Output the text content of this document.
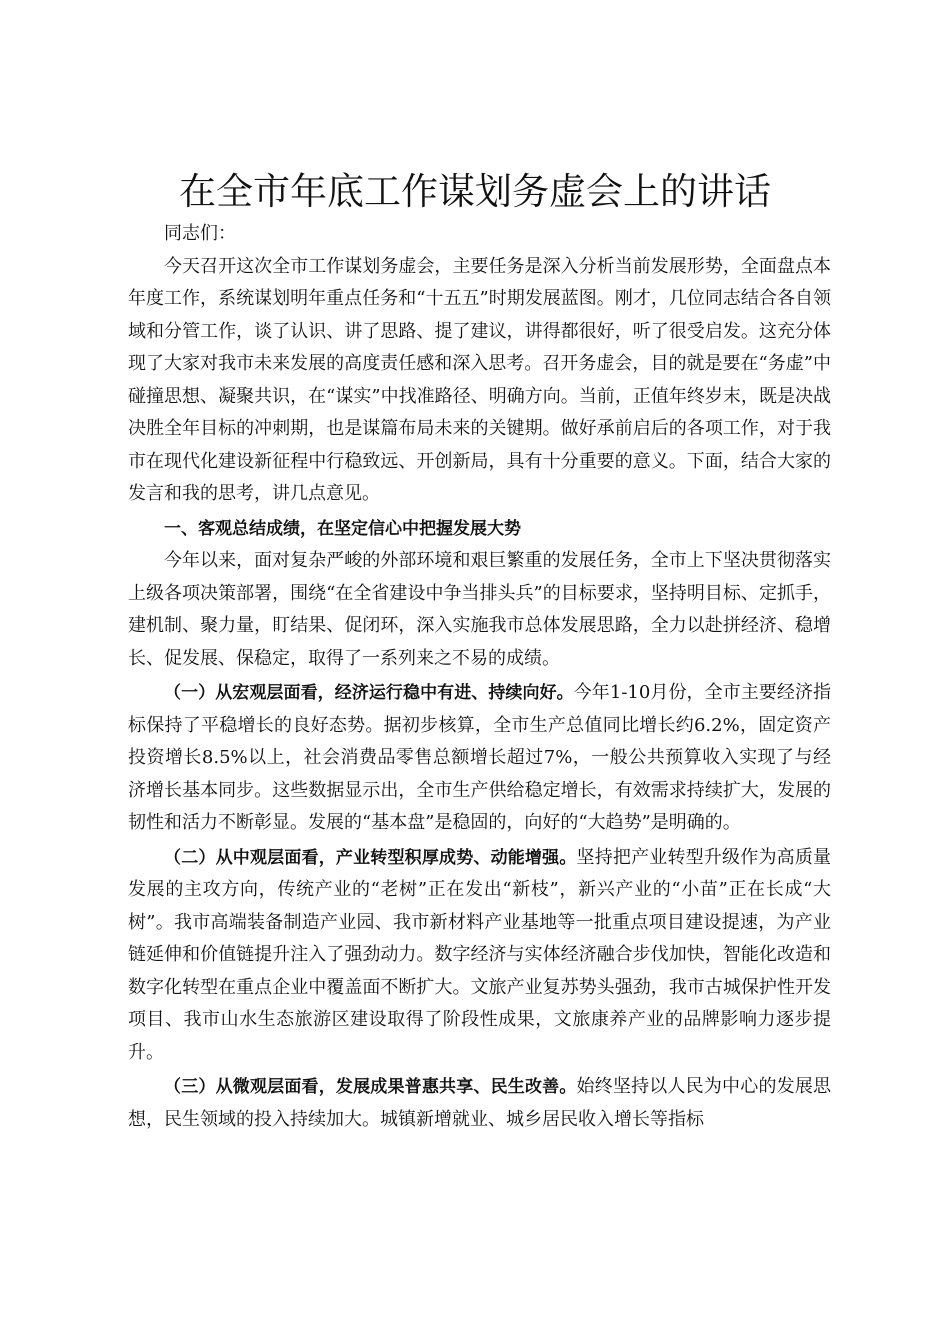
在全市年底工作谋划务虚会上的讲话

同志们：

今天召开这次全市工作谋划务虚会，主要任务是深入分析当前发展形势，全面盘点本年度工作，系统谋划明年重点任务和“十五五”时期发展蓝图。刚才，几位同志结合各自领域和分管工作，谈了认识、讲了思路、提了建议，讲得都很好，听了很受启发。这充分体现了大家对我市未来发展的高度责任感和深入思考。召开务虚会，目的就是要在“务虚”中碰撞思想、凝聚共识，在“谋实”中找准路径、明确方向。当前，正值年终岁末，既是决战决胜全年目标的冲刺期，也是谋篇布局未来的关键期。做好承前启后的各项工作，对于我市在现代化建设新征程中行稳致远、开创新局，具有十分重要的意义。下面，结合大家的发言和我的思考，讲几点意见。

一、客观总结成绩，在坚定信心中把握发展大势

今年以来，面对复杂严峻的外部环境和艰巨繁重的发展任务，全市上下坚决贯彻落实上级各项决策部署，围绕“在全省建设中争当排头兵”的目标要求，坚持明目标、定抓手，建机制、聚力量，盯结果、促闭环，深入实施我市总体发展思路，全力以赴拼经济、稳增长、促发展、保稳定，取得了一系列来之不易的成绩。

（一）从宏观层面看，经济运行稳中有进、持续向好。今年1-10月份，全市主要经济指标保持了平稳增长的良好态势。据初步核算，全市生产总值同比增长约6.2%，固定资产投资增长8.5%以上，社会消费品零售总额增长超过7%，一般公共预算收入实现了与经济增长基本同步。这些数据显示出，全市生产供给稳定增长，有效需求持续扩大，发展的韧性和活力不断彰显。发展的“基本盘”是稳固的，向好的“大趋势”是明确的。

（二）从中观层面看，产业转型积厚成势、动能增强。坚持把产业转型升级作为高质量发展的主攻方向，传统产业的“老树”正在发出“新枝”，新兴产业的“小苗”正在长成“大树”。我市高端装备制造产业园、我市新材料产业基地等一批重点项目建设提速，为产业链延伸和价值链提升注入了强劲动力。数字经济与实体经济融合步伐加快，智能化改造和数字化转型在重点企业中覆盖面不断扩大。文旅产业复苏势头强劲，我市古城保护性开发项目、我市山水生态旅游区建设取得了阶段性成果，文旅康养产业的品牌影响力逐步提升。

（三）从微观层面看，发展成果普惠共享、民生改善。始终坚持以人民为中心的发展思想，民生领域的投入持续加大。城镇新增就业、城乡居民收入增长等指标
